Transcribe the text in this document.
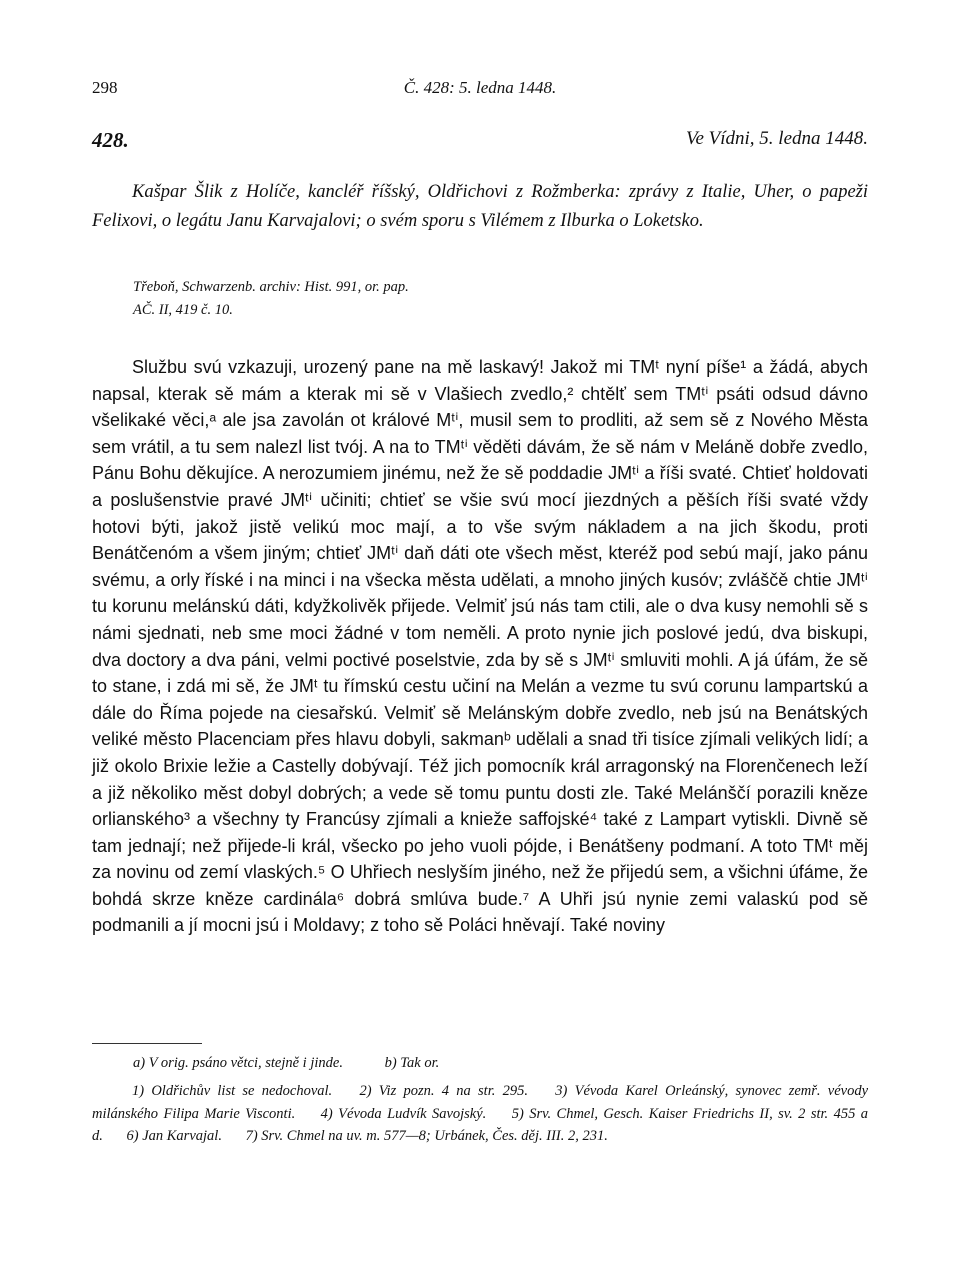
298	Č. 428: 5. ledna 1448.
428.	Ve Vídni, 5. ledna 1448.
Kašpar Šlik z Holíče, kancléř říšský, Oldřichovi z Rožmberka: zprávy z Italie, Uher, o papeži Felixovi, o legátu Janu Karvajalovi; o svém sporu s Vilémem z Ilburka o Loketsko.
Třeboň, Schwarzenb. archiv: Hist. 991, or. pap.
AČ. II, 419 č. 10.
Službu svú vzkazuji, urozený pane na mě laskavý! Jakož mi TMᵗ nyní píše¹ a žádá, abych napsal, kterak sě mám a kterak mi sě v Vlašiech zvedlo,² chtělť sem TMᵗⁱ psáti odsud dávno všelikaké věci,ᵃ ale jsa zavolán ot králové Mᵗⁱ, musil sem to prodliti, až sem sě z Nového Města sem vrátil, a tu sem nalezl list tvój. A na to TMᵗⁱ věděti dávám, že sě nám v Meláně dobře zvedlo, Pánu Bohu děkujíce. A nerozumiem jinému, než že sě poddadie JMᵗⁱ a říši svaté. Chtieť holdovati a poslušenstvie pravé JMᵗⁱ učiniti; chtieť se všie svú mocí jiezdných a pěších říši svaté vždy hotovi býti, jakož jistě velikú moc mají, a to vše svým nákladem a na jich škodu, proti Benátčenóm a všem jiným; chtieť JMᵗⁱ daň dáti ote všech měst, kteréž pod sebú mají, jako pánu svému, a orly říské i na minci i na všecka města udělati, a mnoho jiných kusóv; zvláščě chtie JMᵗⁱ tu korunu melánskú dáti, kdyžkolivěk přijede. Velmiť jsú nás tam ctili, ale o dva kusy nemohli sě s námi sjednati, neb sme moci žádné v tom neměli. A proto nynie jich poslové jedú, dva biskupi, dva doctory a dva páni, velmi poctivé poselstvie, zda by sě s JMᵗⁱ smluviti mohli. A já úfám, že sě to stane, i zdá mi sě, že JMᵗ tu římskú cestu učiní na Melán a vezme tu svú corunu lampartskú a dále do Říma pojede na ciesařskú. Velmiť sě Melánským dobře zvedlo, neb jsú na Benátských veliké město Placenciam přes hlavu dobyli, sakmanᵇ udělali a snad tři tisíce zjímali velikých lidí; a již okolo Brixie ležie a Castelly dobývají. Též jich pomocník král arragonský na Florenčenech leží a již několiko měst dobyl dobrých; a vede sě tomu puntu dosti zle. Také Melánščí porazili kněze orlianského³ a všechny ty Francúsy zjímali a knieže saffojské⁴ také z Lampart vytiskli. Divně sě tam jednají; než přijede-li král, všecko po jeho vuoli pójde, i Benátšeny podmaní. A toto TMᵗ měj za novinu od zemí vlaských.⁵ O Uhřiech neslyším jiného, než že přijedú sem, a všichni úfáme, že bohdá skrze kněze cardinála⁶ dobrá smlúva bude.⁷ A Uhři jsú nynie zemi valaskú pod sě podmanili a jí mocni jsú i Moldavy; z toho sě Poláci hněvají. Také noviny
a) V orig. psáno větci, stejně i jinde.	b) Tak or.
1) Oldřichův list se nedochoval. 2) Viz pozn. 4 na str. 295. 3) Vévoda Karel Orleánský, synovec zemř. vévody milánského Filipa Marie Visconti. 4) Vévoda Ludvík Savojský. 5) Srv. Chmel, Gesch. Kaiser Friedrichs II, sv. 2 str. 455 a d. 6) Jan Karvajal. 7) Srv. Chmel na uv. m. 577—8; Urbánek, Čes. děj. III. 2, 231.
